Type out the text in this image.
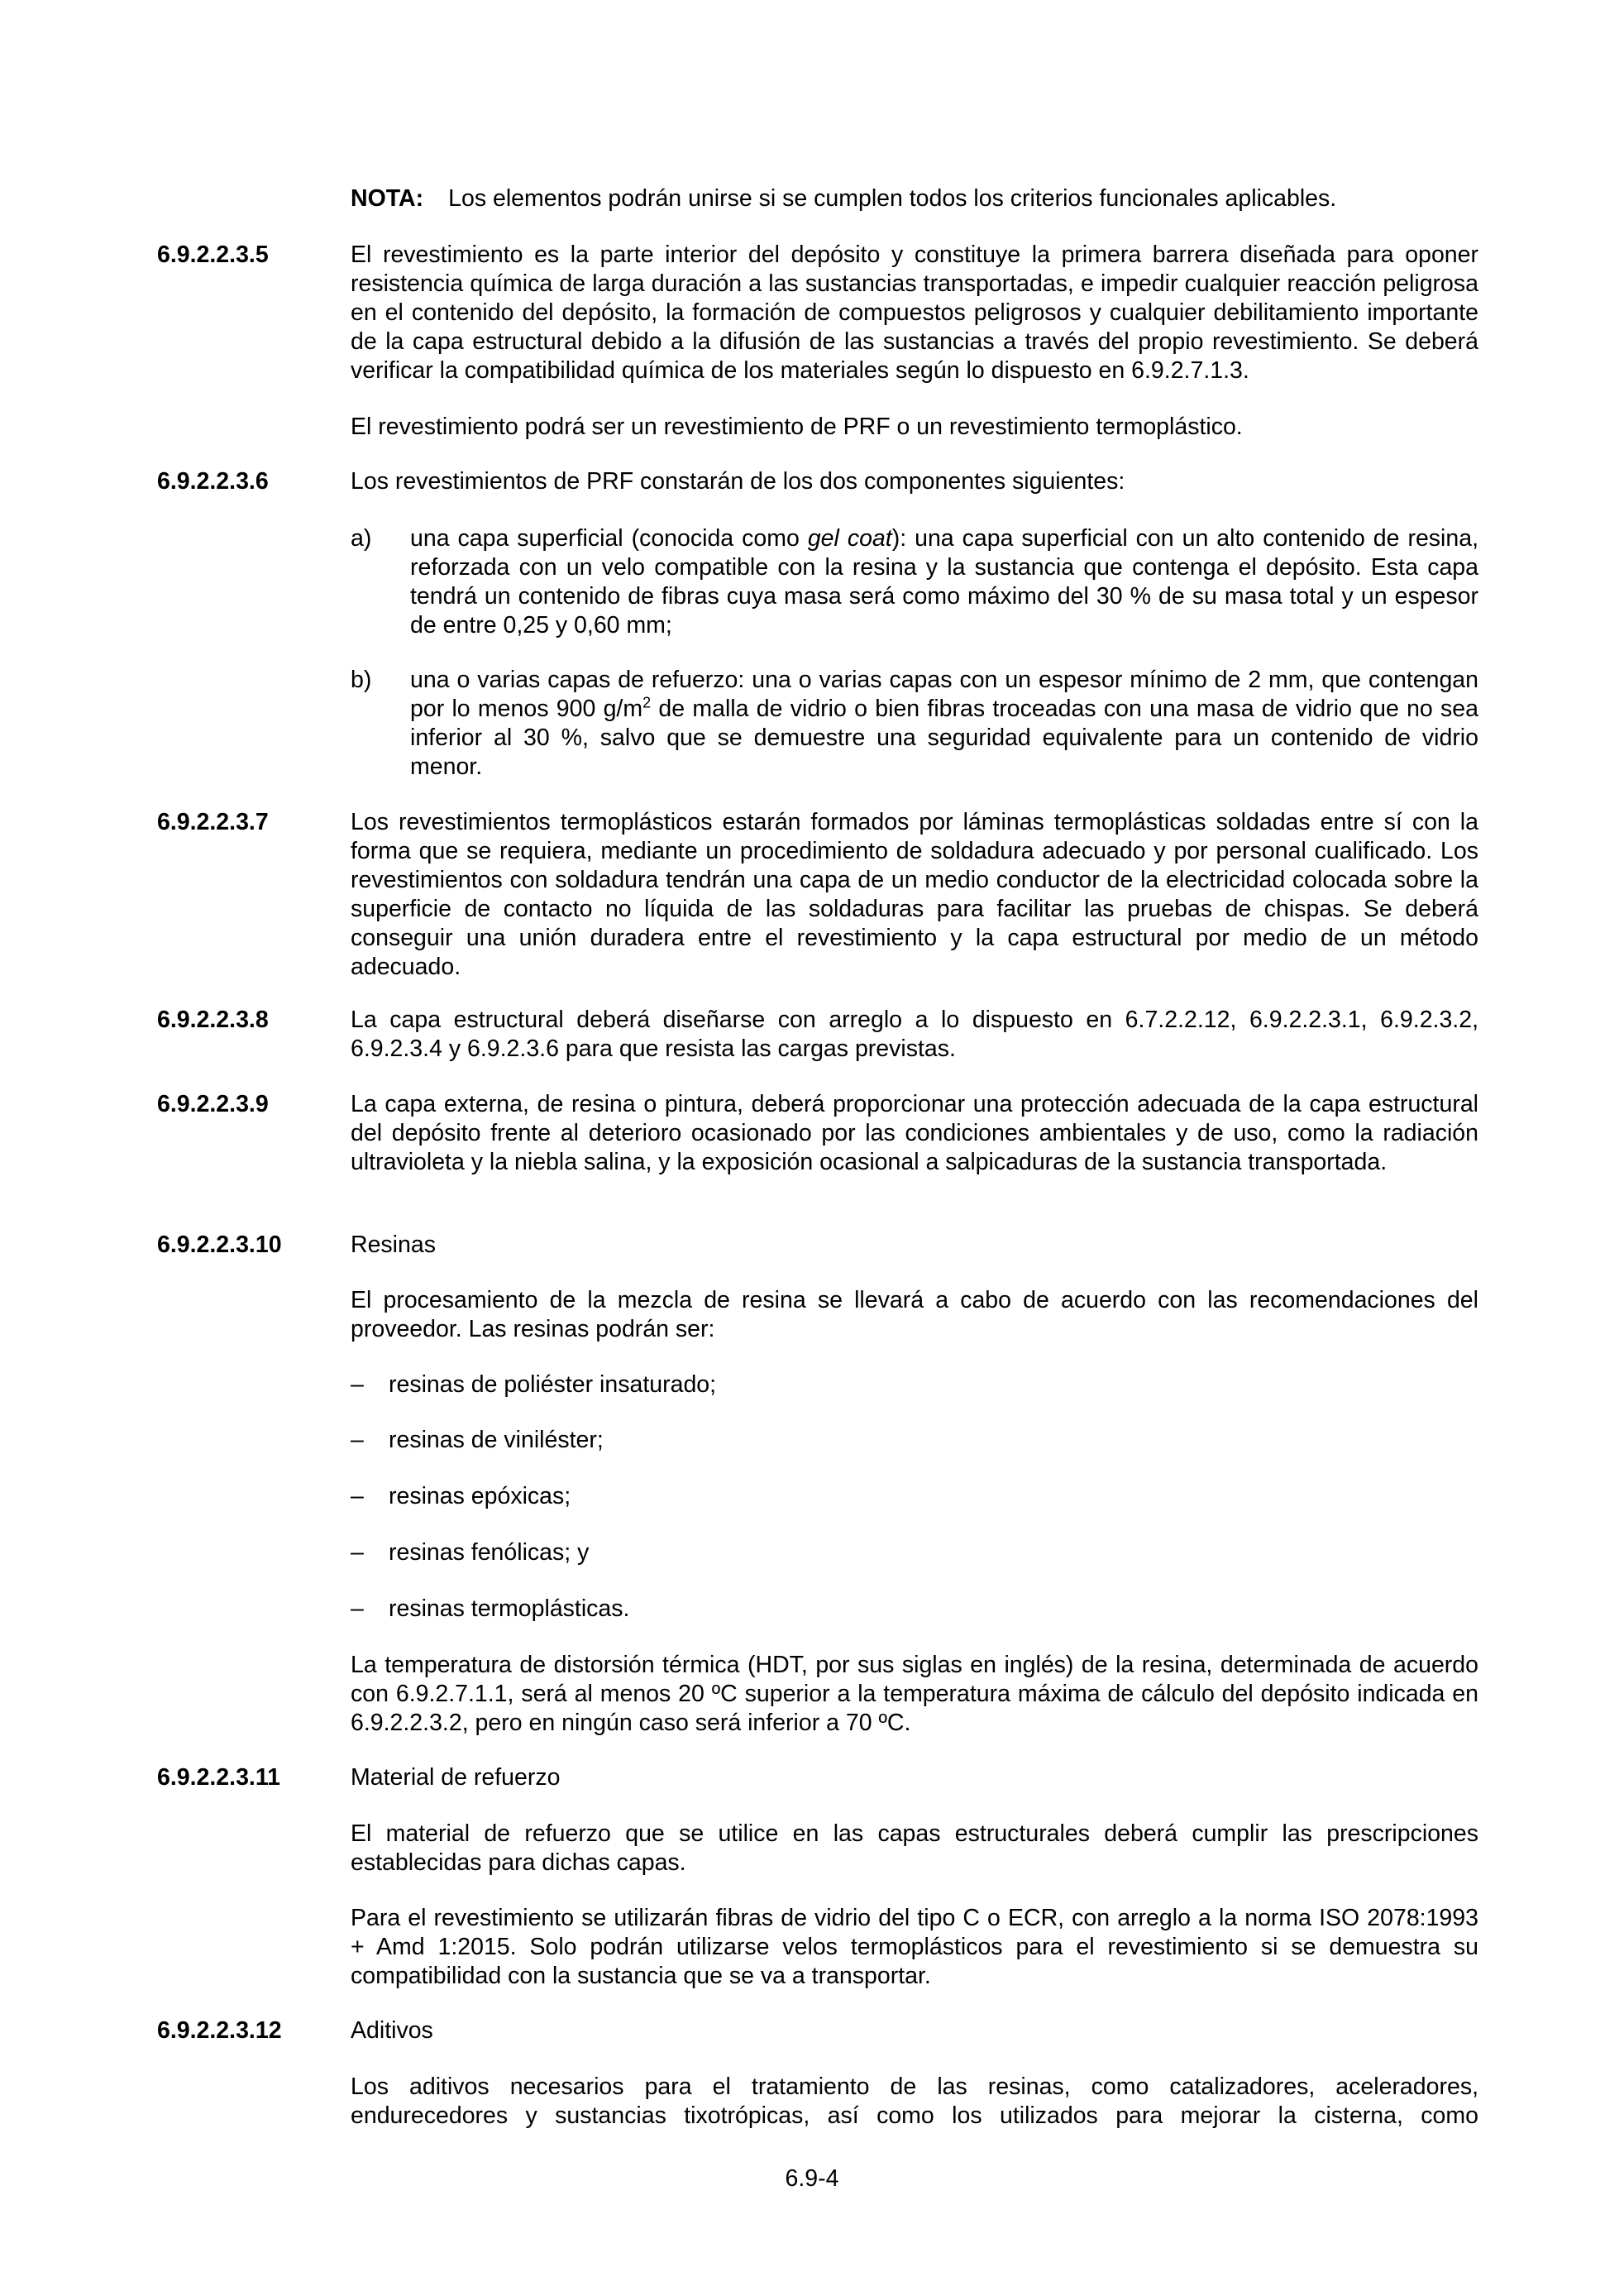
NOTA: Los elementos podrán unirse si se cumplen todos los criterios funcionales aplicables.
6.9.2.2.3.5	El revestimiento es la parte interior del depósito y constituye la primera barrera diseñada para oponer resistencia química de larga duración a las sustancias transportadas, e impedir cualquier reacción peligrosa en el contenido del depósito, la formación de compuestos peligrosos y cualquier debilitamiento importante de la capa estructural debido a la difusión de las sustancias a través del propio revestimiento. Se deberá verificar la compatibilidad química de los materiales según lo dispuesto en 6.9.2.7.1.3.

El revestimiento podrá ser un revestimiento de PRF o un revestimiento termoplástico.

6.9.2.2.3.6	Los revestimientos de PRF constarán de los dos componentes siguientes:

a)	una capa superficial (conocida como gel coat): una capa superficial con un alto contenido de resina, reforzada con un velo compatible con la resina y la sustancia que contenga el depósito. Esta capa tendrá un contenido de fibras cuya masa será como máximo del 30 % de su masa total y un espesor de entre 0,25 y 0,60 mm;

b)	una o varias capas de refuerzo: una o varias capas con un espesor mínimo de 2 mm, que contengan por lo menos 900 $g/m^2$ de malla de vidrio o bien fibras troceadas con una masa de vidrio que no sea inferior al 30 %, salvo que se demuestre una seguridad equivalente para un contenido de vidrio menor.

6.9.2.2.3.7	Los revestimientos termoplásticos estarán formados por láminas termoplásticas soldadas entre sí con la forma que se requiera, mediante un procedimiento de soldadura adecuado y por personal cualificado. Los revestimientos con soldadura tendrán una capa de un medio conductor de la electricidad colocada sobre la superficie de contacto no líquida de las soldaduras para facilitar las pruebas de chispas. Se deberá conseguir una unión duradera entre el revestimiento y la capa estructural por medio de un método adecuado.

6.9.2.2.3.8	La capa estructural deberá diseñarse con arreglo a lo dispuesto en 6.7.2.2.12, 6.9.2.2.3.1, 6.9.2.3.2, 6.9.2.3.4 y 6.9.2.3.6 para que resista las cargas previstas.

6.9.2.2.3.9	La capa externa, de resina o pintura, deberá proporcionar una protección adecuada de la capa estructural del depósito frente al deterioro ocasionado por las condiciones ambientales y de uso, como la radiación ultravioleta y la niebla salina, y la exposición ocasional a salpicaduras de la sustancia transportada.

6.9.2.2.3.10	Resinas

El procesamiento de la mezcla de resina se llevará a cabo de acuerdo con las recomendaciones del proveedor. Las resinas podrán ser:

–	resinas de poliéster insaturado;
–	resinas de viniléster;
–	resinas epóxicas;
–	resinas fenólicas; y
–	resinas termoplásticas.

La temperatura de distorsión térmica (HDT, por sus siglas en inglés) de la resina, determinada de acuerdo con 6.9.2.7.1.1, será al menos 20 ºC superior a la temperatura máxima de cálculo del depósito indicada en 6.9.2.2.3.2, pero en ningún caso será inferior a 70 ºC.

6.9.2.2.3.11	Material de refuerzo

El material de refuerzo que se utilice en las capas estructurales deberá cumplir las prescripciones establecidas para dichas capas.

Para el revestimiento se utilizarán fibras de vidrio del tipo C o ECR, con arreglo a la norma ISO 2078:1993 + Amd 1:2015. Solo podrán utilizarse velos termoplásticos para el revestimiento si se demuestra su compatibilidad con la sustancia que se va a transportar.

6.9.2.2.3.12	Aditivos

Los aditivos necesarios para el tratamiento de las resinas, como catalizadores, aceleradores, endurecedores y sustancias tixotrópicas, así como los utilizados para mejorar la cisterna, como

6.9-4
